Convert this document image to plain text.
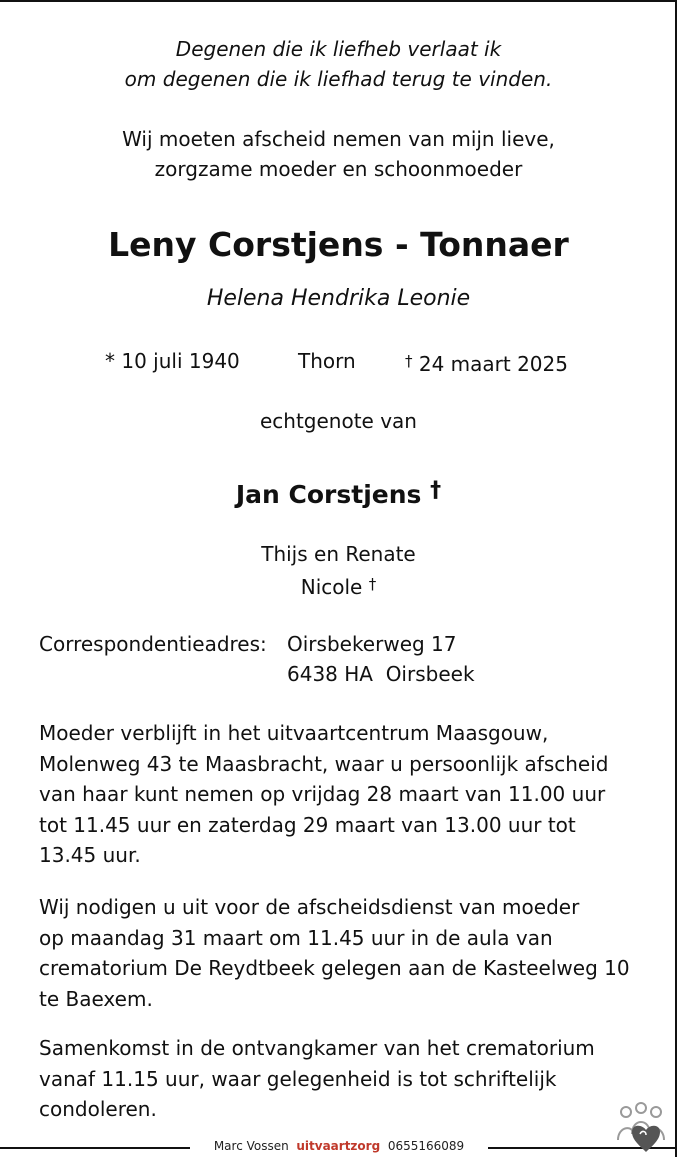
Degenen die ik liefheb verlaat ik
om degenen die ik liefhad terug te vinden.
Wij moeten afscheid nemen van mijn lieve,
zorgzame moeder en schoonmoeder
Leny Corstjens - Tonnaer
Helena Hendrika Leonie
* 10 juli 1940	Thorn	† 24 maart 2025
echtgenote van
Jan Corstjens †
Thijs en Renate
Nicole †
Correspondentieadres: Oirsbekerweg 17
6438 HA  Oirsbeek
Moeder verblijft in het uitvaartcentrum Maasgouw,
Molenweg 43 te Maasbracht, waar u persoonlijk afscheid
van haar kunt nemen op vrijdag 28 maart van 11.00 uur
tot 11.45 uur en zaterdag 29 maart van 13.00 uur tot
13.45 uur.
Wij nodigen u uit voor de afscheidsdienst van moeder
op maandag 31 maart om 11.45 uur in de aula van
crematorium De Reydtbeek gelegen aan de Kasteelweg 10
te Baexem.
Samenkomst in de ontvangkamer van het crematorium
vanaf 11.15 uur, waar gelegenheid is tot schriftelijk
condoleren.
Marc Vossen uitvaartzorg 0655166089
